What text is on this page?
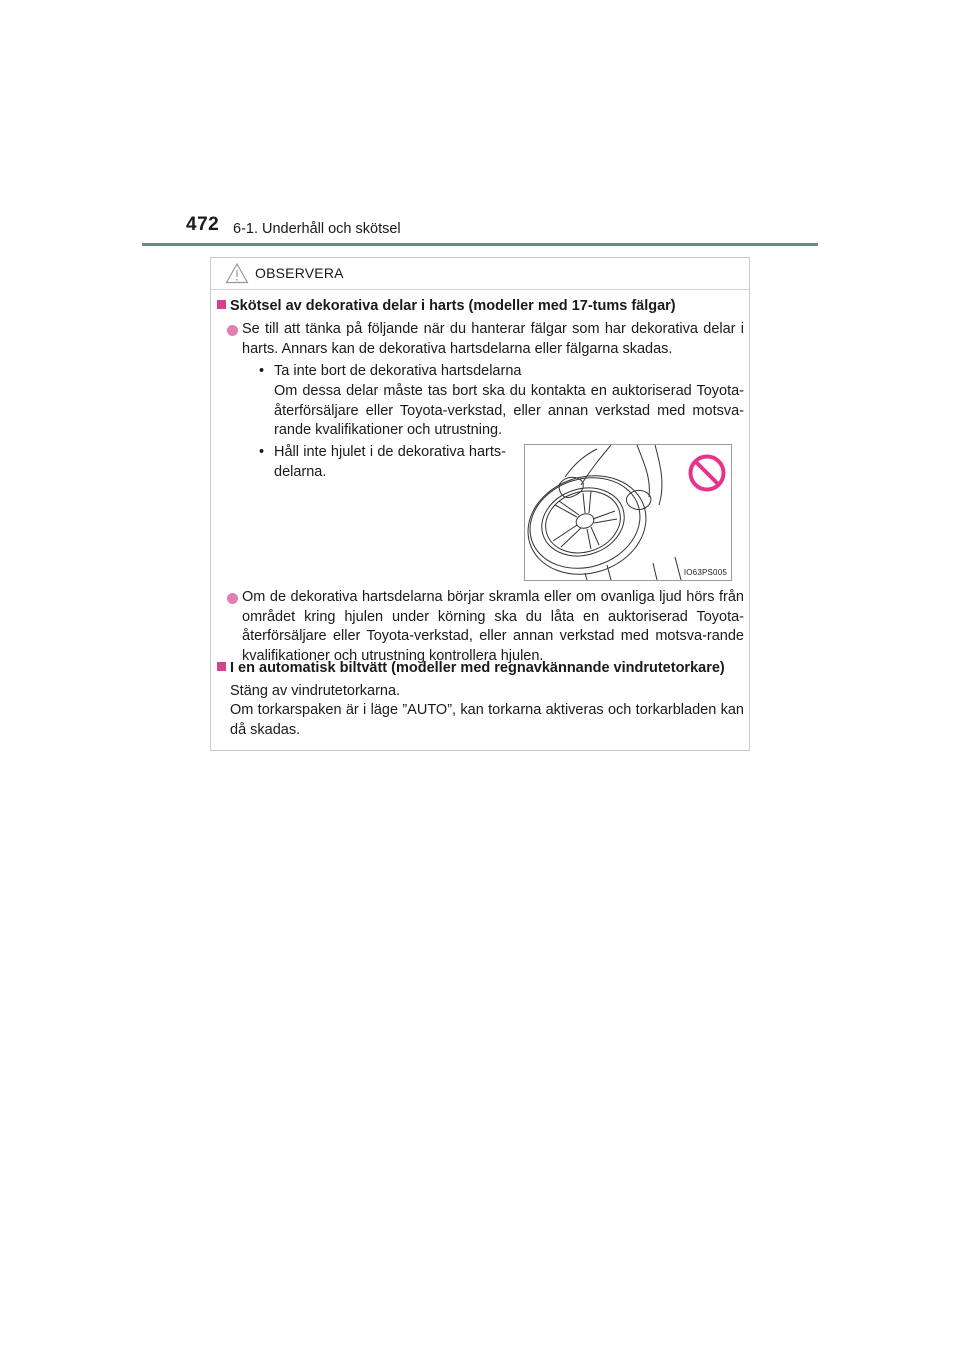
472 6-1. Underhåll och skötsel
OBSERVERA
Skötsel av dekorativa delar i harts (modeller med 17-tums fälgar)
Se till att tänka på följande när du hanterar fälgar som har dekorativa delar i harts. Annars kan de dekorativa hartsdelarna eller fälgarna skadas.
• Ta inte bort de dekorativa hartsdelarna
Om dessa delar måste tas bort ska du kontakta en auktoriserad Toyota-återförsäljare eller Toyota-verkstad, eller annan verkstad med motsva-rande kvalifikationer och utrustning.
• Håll inte hjulet i de dekorativa harts-delarna.
IO63PS005
Om de dekorativa hartsdelarna börjar skramla eller om ovanliga ljud hörs från området kring hjulen under körning ska du låta en auktoriserad Toyota-återförsäljare eller Toyota-verkstad, eller annan verkstad med motsva-rande kvalifikationer och utrustning kontrollera hjulen.
I en automatisk biltvätt (modeller med regnavkännande vindrutetorkare)
Stäng av vindrutetorkarna.
Om torkarspaken är i läge ”AUTO”, kan torkarna aktiveras och torkarbladen kan då skadas.
